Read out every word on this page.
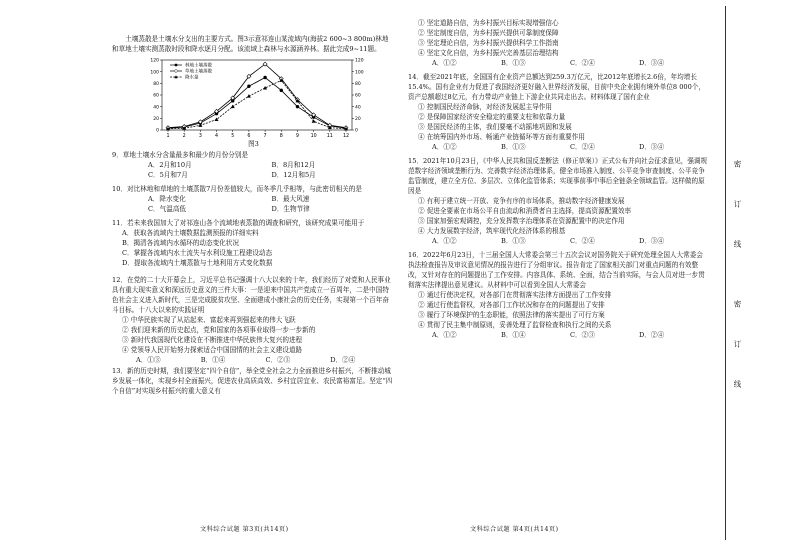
土壤蒸散是土壤水分支出的主要方式。图3示意祁连山某流域内(海拔2 600~3 800m)林地和草地土壤实测蒸散时段和降水逐月分配。该流域上森林与水源涵养林。据此完成9~11题。

0
20
40
60
80
100
120
0
20
40
60
80
100
120
1	2	3	4	5	6	7	8	9 10 11 12
林地土壤蒸散
草地土壤蒸散
降水量

图3

9．草地土壤水分含量最多和最少的月份分别是

A．2月和10月	B．8月和12月
C．5月和7月	D．12月和5月

10．对比林地和草地的土壤蒸散7月份差值较大，而冬季几乎相等，与此密切相关的是

A．降水变化	B．最大风速
C．气温高低	D．生物节律

11．若未来我国加大了对祁连山各个流域地表蒸散的调查和研究，该研究成果可能用于

A．获取各流域内土壤数据监测预报的详细实料
B．揭清各流域内水循环的动态变化状况
C．掌握各流域内水土流失与水利设施工程建设动态
D．提取各流域内土壤蒸散与土地利用方式变化数据

12．在党的二十大开幕会上，习近平总书记强调十八大以来的十年，我们经历了对党和人民事业具有重大现实意义和深远历史意义的三件大事：一是迎来中国共产党成立一百周年，二是中国特色社会主义进入新时代，三是完成脱贫攻坚、全面建成小康社会的历史任务，实现第一个百年奋斗目标。十八大以来的实践证明

① 中华民族实现了从站起来、富起来再到强起来的伟大飞跃
② 我们迎来新的历史起点，党和国家的各项事业取得一步一步新的
③ 新时代我国现代化建设在不断推进中华民族伟大复兴的进程
④ 党领导人民开始努力探索适合中国国情的社会主义建设道路
A．①③	B．①④	C．②③	D．②④

13．新的历史时期，我们要坚定“四个自信”，举全党全社会之力全面推进乡村振兴，不断推动城乡发展一体化，实现乡村全面振兴，促进农业高质高效、乡村宜居宜业、农民富裕富足。坚定“四个自信”对实现乡村振兴的重大意义有

① 坚定道路自信，为乡村振兴目标实现增强信心
② 坚定制度自信，为乡村振兴提供可靠制度保障
③ 坚定理论自信，为乡村振兴提供科学工作指南
④ 坚定文化自信，为乡村振兴完善基层治理结构
A．①②	B．①③	C．②④	D．③④

14．截至2021年底，全国国有企业资产总额达到259.3万亿元，比2012年底增长2.6倍，年均增长15.4%。国有企业有力促进了我国经济更好融入世界经济发展，目前中央企业拥有境外单位8 000个，资产总额超过8亿元，有力带动产业链上下游企业共同走出去。材料体现了国有企业

① 控制国民经济命脉，对经济发展起主导作用
② 是保障国家经济安全稳定的重要支柱和依靠力量
③ 是国民经济的主体，我们要毫不动摇地巩固和发展
④ 在统筹国内外市场、畅通产业链循环等方面有重要作用
A．①②	B．①③	C．②④	D．③④

15．2021年10月23日，《中华人民共和国反垄断法（修正草案）》正式公布并向社会征求意见，强调规范数字经济领域垄断行为、完善数字经济治理体系，健全市场准入制度、公平竞争审查制度、公平竞争监管制度，建立全方位、多层次、立体化监管体系；实现事前事中事后全链条全领域监管。这样做的原因是

① 有利于建立统一开放、竞争有序的市场体系，推动数字经济健康发展
② 促进全要素在市场公平自由流动和消费者自主选择，提高资源配置效率
③ 国家加强宏观调控，充分发挥数字治理体系在资源配置中的决定作用
④ 大力发展数字经济，筑牢现代化经济体系的根基
A．①②	B．①③	C．②④	D．③④

16．2022年6月23日，十三届全国人大常委会第三十五次会议对国务院关于研究处理全国人大常委会执法检查报告及审议意见情况的报告进行了分组审议。报告肯定了国家相关部门对重点问题的有效整改，又针对存在的问题提出了工作安排。内容具体、系统、全面，结合当前实际，与会人员对进一步贯彻落实法律提出意见建议。从材料中可以看到全国人大常委会

① 通过行使决定权，对各部门在贯彻落实法律方面提出了工作安排
② 通过行使监督权，对各部门工作状况和存在的问题提出了安排
③ 履行了环境保护的生态职能，依照法律的落实提出了可行方案
④ 贯彻了民主集中制原则，妥善处理了监督检查和执行之间的关系
A．①②	B．①④	C．②③	D．②④
文科综合试题 第3页(共14页)	文科综合试题 第4页(共14页)
密
订
线
密
订
线
